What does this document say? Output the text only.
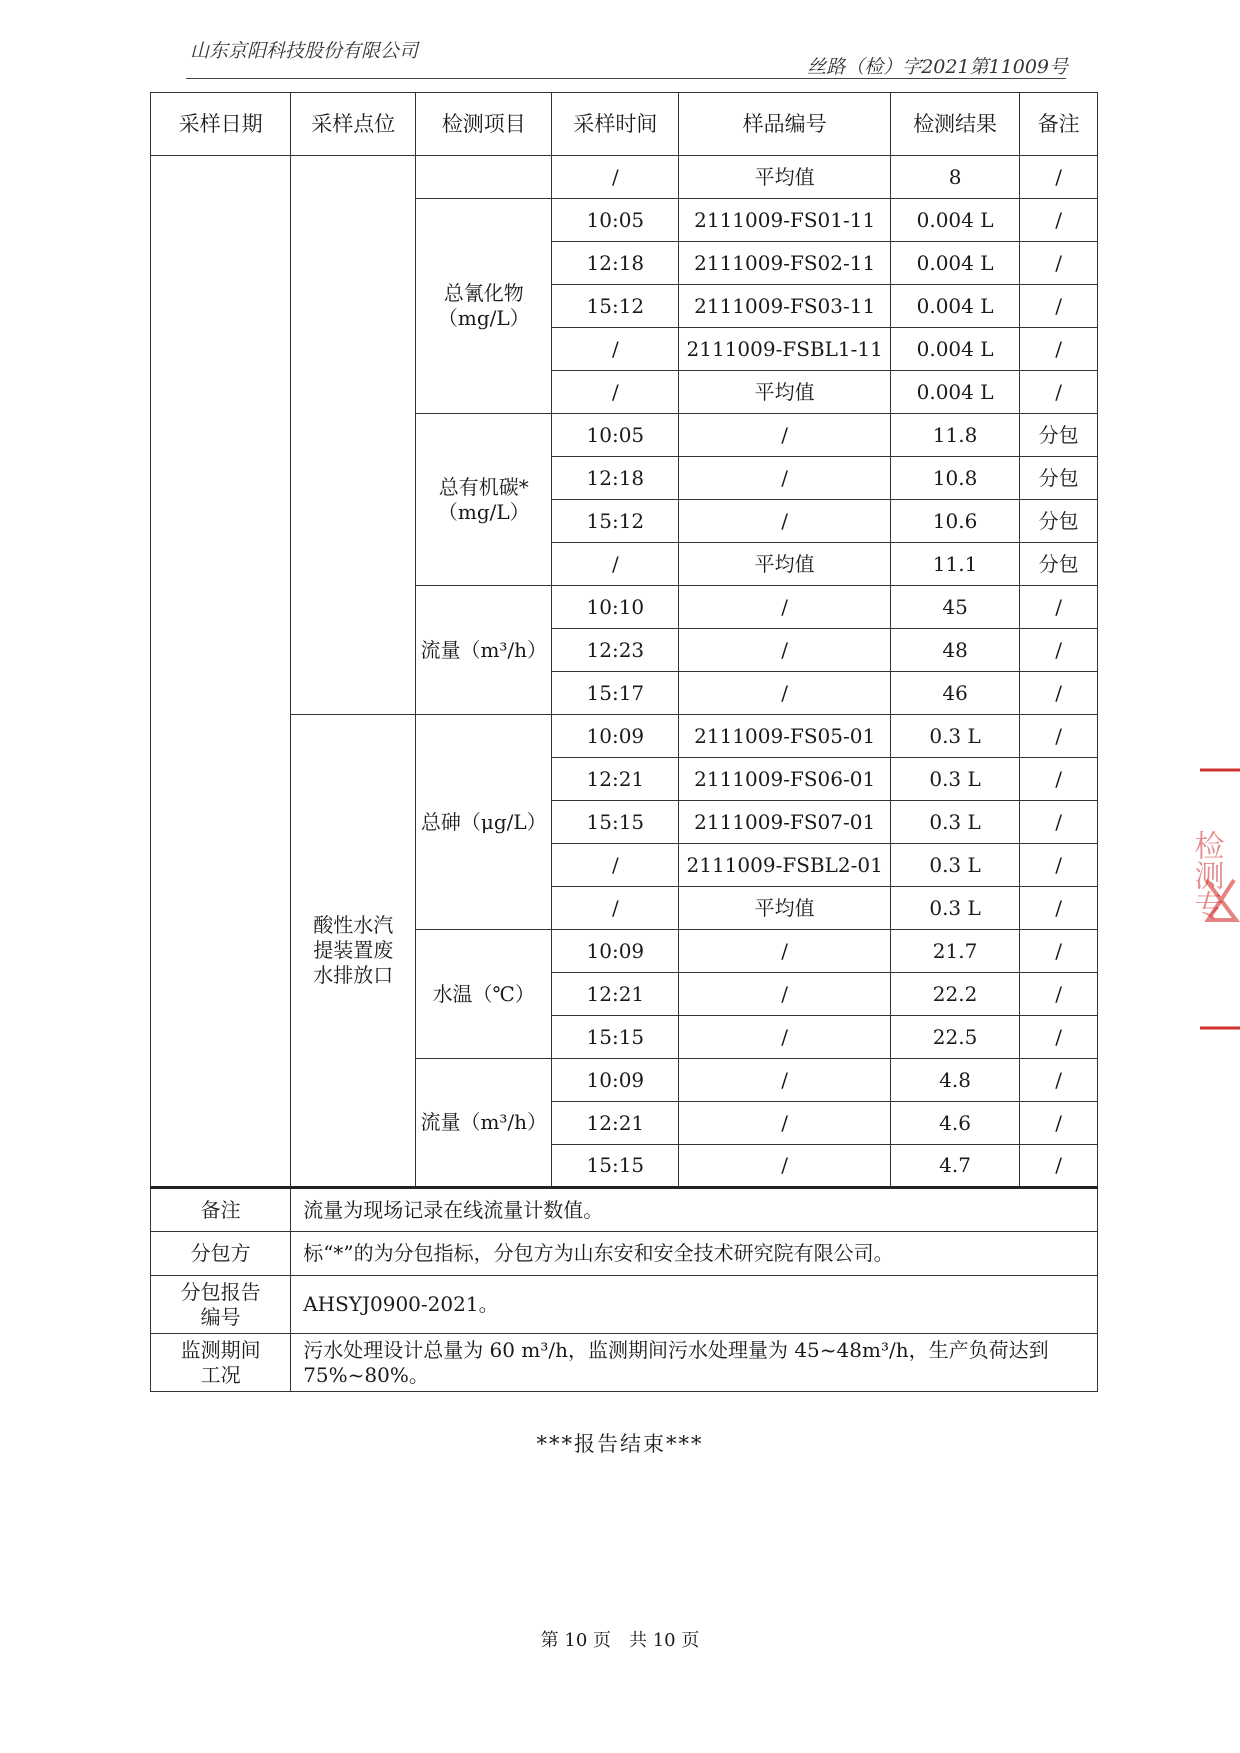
山东京阳科技股份有限公司
丝路（检）字2021第11009号
采样日期	采样点位	检测项目	采样时间	样品编号	检测结果	备注
			/	平均值	8	/
		总氰化物
（mg/L）	10:05	2111009-FS01-11	0.004 L	/
			12:18	2111009-FS02-11	0.004 L	/
			15:12	2111009-FS03-11	0.004 L	/
			/	2111009-FSBL1-11	0.004 L	/
			/	平均值	0.004 L	/
		总有机碳*
（mg/L）	10:05	/	11.8	分包
			12:18	/	10.8	分包
			15:12	/	10.6	分包
			/	平均值	11.1	分包
		流量（m³/h）	10:10	/	45	/
			12:23	/	48	/
			15:17	/	46	/
	酸性水汽提装置废水排放口	总砷（μg/L）	10:09	2111009-FS05-01	0.3 L	/
			12:21	2111009-FS06-01	0.3 L	/
			15:15	2111009-FS07-01	0.3 L	/
			/	2111009-FSBL2-01	0.3 L	/
			/	平均值	0.3 L	/
		水温（℃）	10:09	/	21.7	/
			12:21	/	22.2	/
			15:15	/	22.5	/
		流量（m³/h）	10:09	/	4.8	/
			12:21	/	4.6	/
			15:15	/	4.7	/
备注	流量为现场记录在线流量计数值。					
分包方	标“*”的为分包指标，分包方为山东安和安全技术研究院有限公司。					
分包报告
编号	AHSYJ0900-2021。					
监测期间
工况	污水处理设计总量为 60 m³/h，监测期间污水处理量为 45~48m³/h，生产负荷达到 75%~80%。					
***报告结束***
第 10 页　共 10 页
检测专
